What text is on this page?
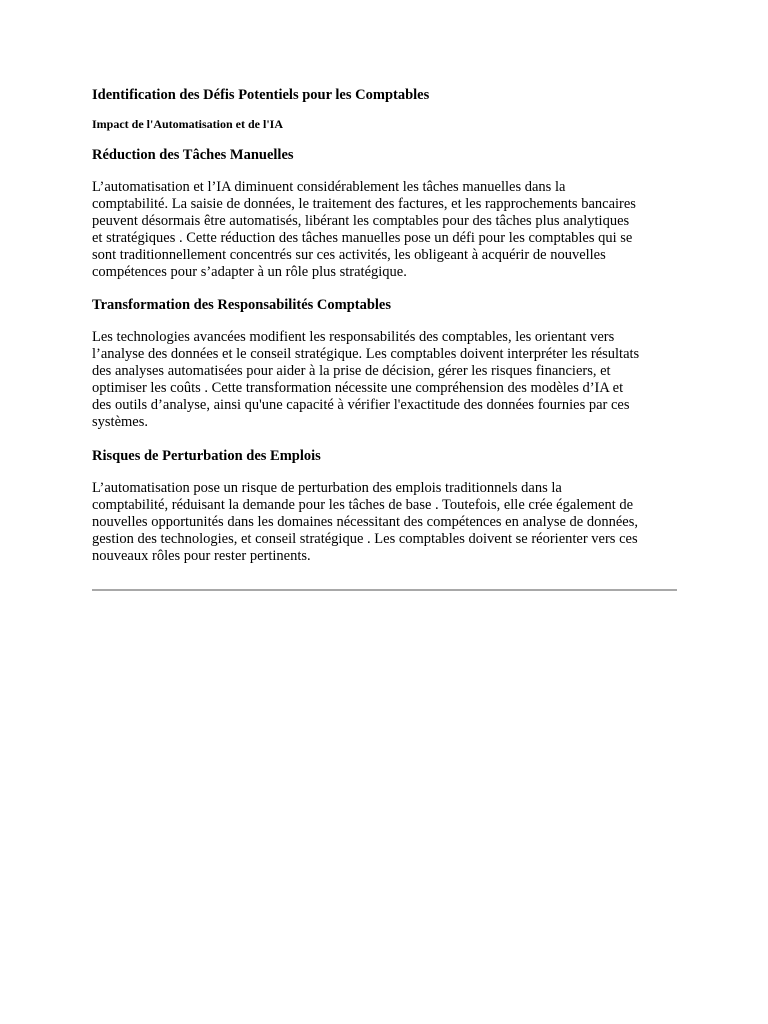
Identification des Défis Potentiels pour les Comptables
Impact de l'Automatisation et de l'IA
Réduction des Tâches Manuelles
L’automatisation et l’IA diminuent considérablement les tâches manuelles dans la
comptabilité. La saisie de données, le traitement des factures, et les rapprochements bancaires
peuvent désormais être automatisés, libérant les comptables pour des tâches plus analytiques
et stratégiques . Cette réduction des tâches manuelles pose un défi pour les comptables qui se
sont traditionnellement concentrés sur ces activités, les obligeant à acquérir de nouvelles
compétences pour s’adapter à un rôle plus stratégique.
Transformation des Responsabilités Comptables
Les technologies avancées modifient les responsabilités des comptables, les orientant vers
l’analyse des données et le conseil stratégique. Les comptables doivent interpréter les résultats
des analyses automatisées pour aider à la prise de décision, gérer les risques financiers, et
optimiser les coûts . Cette transformation nécessite une compréhension des modèles d’IA et
des outils d’analyse, ainsi qu'une capacité à vérifier l'exactitude des données fournies par ces
systèmes.
Risques de Perturbation des Emplois
L’automatisation pose un risque de perturbation des emplois traditionnels dans la
comptabilité, réduisant la demande pour les tâches de base . Toutefois, elle crée également de
nouvelles opportunités dans les domaines nécessitant des compétences en analyse de données,
gestion des technologies, et conseil stratégique . Les comptables doivent se réorienter vers ces
nouveaux rôles pour rester pertinents.
